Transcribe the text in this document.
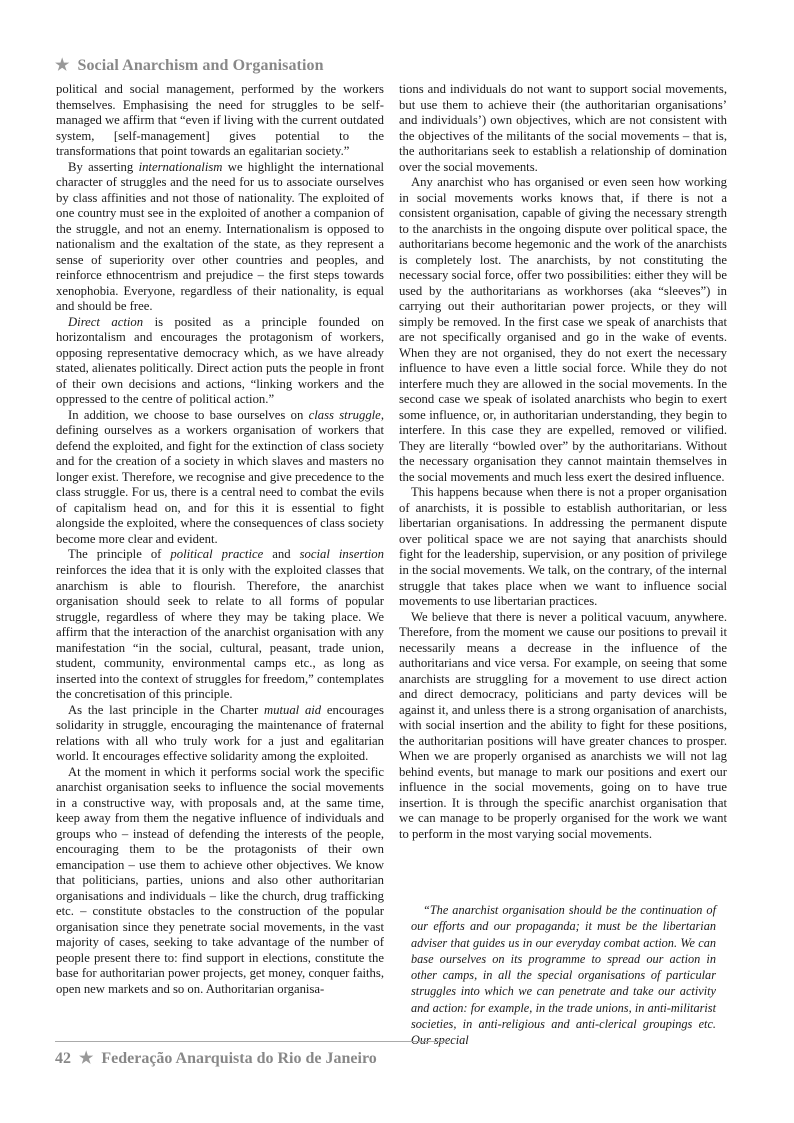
★ Social Anarchism and Organisation

political and social management, performed by the workers themselves. Emphasising the need for struggles to be self-managed we affirm that “even if living with the current outdated system, [self-management] gives potential to the transformations that point towards an egalitarian society.”

By asserting internationalism we highlight the international character of struggles and the need for us to associate ourselves by class affinities and not those of nationality. The exploited of one country must see in the exploited of another a companion of the struggle, and not an enemy. Internationalism is opposed to nationalism and the exaltation of the state, as they represent a sense of superiority over other countries and peoples, and reinforce ethnocentrism and prejudice – the first steps towards xenophobia. Everyone, regardless of their nationality, is equal and should be free.

Direct action is posited as a principle founded on horizontalism and encourages the protagonism of workers, opposing representative democracy which, as we have already stated, alienates politically. Direct action puts the people in front of their own decisions and actions, “linking workers and the oppressed to the centre of political action.”

In addition, we choose to base ourselves on class struggle, defining ourselves as a workers organisation of workers that defend the exploited, and fight for the extinction of class society and for the creation of a society in which slaves and masters no longer exist. Therefore, we recognise and give precedence to the class struggle. For us, there is a central need to combat the evils of capitalism head on, and for this it is essential to fight alongside the exploited, where the consequences of class society become more clear and evident.

The principle of political practice and social insertion reinforces the idea that it is only with the exploited classes that anarchism is able to flourish. Therefore, the anarchist organisation should seek to relate to all forms of popular struggle, regardless of where they may be taking place. We affirm that the interaction of the anarchist organisation with any manifestation “in the social, cultural, peasant, trade union, student, community, environmental camps etc., as long as inserted into the context of struggles for freedom,” contemplates the concretisation of this principle.

As the last principle in the Charter mutual aid encourages solidarity in struggle, encouraging the maintenance of fraternal relations with all who truly work for a just and egalitarian world. It encourages effective solidarity among the exploited.

At the moment in which it performs social work the specific anarchist organisation seeks to influence the social movements in a constructive way, with proposals and, at the same time, keep away from them the negative influence of individuals and groups who – instead of defending the interests of the people, encouraging them to be the protagonists of their own emancipation – use them to achieve other objectives. We know that politicians, parties, unions and also other authoritarian organisations and individuals – like the church, drug trafficking etc. – constitute obstacles to the construction of the popular organisation since they penetrate social movements, in the vast majority of cases, seeking to take advantage of the number of people present there to: find support in elections, constitute the base for authoritarian power projects, get money, conquer faiths, open new markets and so on. Authoritarian organisa-

tions and individuals do not want to support social movements, but use them to achieve their (the authoritarian organisations’ and individuals’) own objectives, which are not consistent with the objectives of the militants of the social movements – that is, the authoritarians seek to establish a relationship of domination over the social movements.

Any anarchist who has organised or even seen how working in social movements works knows that, if there is not a consistent organisation, capable of giving the necessary strength to the anarchists in the ongoing dispute over political space, the authoritarians become hegemonic and the work of the anarchists is completely lost. The anarchists, by not constituting the necessary social force, offer two possibilities: either they will be used by the authoritarians as workhorses (aka “sleeves”) in carrying out their authoritarian power projects, or they will simply be removed. In the first case we speak of anarchists that are not specifically organised and go in the wake of events. When they are not organised, they do not exert the necessary influence to have even a little social force. While they do not interfere much they are allowed in the social movements. In the second case we speak of isolated anarchists who begin to exert some influence, or, in authoritarian understanding, they begin to interfere. In this case they are expelled, removed or vilified. They are literally “bowled over” by the authoritarians. Without the necessary organisation they cannot maintain themselves in the social movements and much less exert the desired influence.

This happens because when there is not a proper organisation of anarchists, it is possible to establish authoritarian, or less libertarian organisations. In addressing the permanent dispute over political space we are not saying that anarchists should fight for the leadership, supervision, or any position of privilege in the social movements. We talk, on the contrary, of the internal struggle that takes place when we want to influence social movements to use libertarian practices.

We believe that there is never a political vacuum, anywhere. Therefore, from the moment we cause our positions to prevail it necessarily means a decrease in the influence of the authoritarians and vice versa. For example, on seeing that some anarchists are struggling for a movement to use direct action and direct democracy, politicians and party devices will be against it, and unless there is a strong organisation of anarchists, with social insertion and the ability to fight for these positions, the authoritarian positions will have greater chances to prosper. When we are properly organised as anarchists we will not lag behind events, but manage to mark our positions and exert our influence in the social movements, going on to have true insertion. It is through the specific anarchist organisation that we can manage to be properly organised for the work we want to perform in the most varying social movements.

“The anarchist organisation should be the continuation of our efforts and our propaganda; it must be the libertarian adviser that guides us in our everyday combat action. We can base ourselves on its programme to spread our action in other camps, in all the special organisations of particular struggles into which we can penetrate and take our activity and action: for example, in the trade unions, in anti-militarist societies, in anti-religious and anti-clerical groupings etc. Our special

42 ★ Federação Anarquista do Rio de Janeiro
